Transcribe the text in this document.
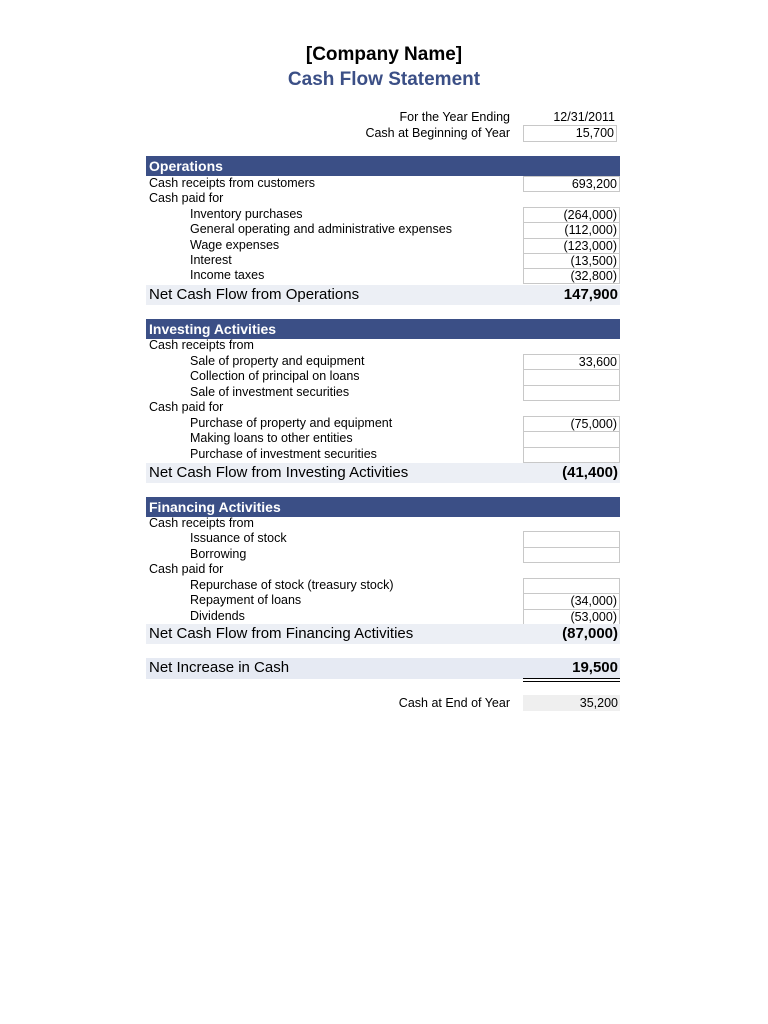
[Company Name]
Cash Flow Statement
For the Year Ending	12/31/2011
Cash at Beginning of Year	15,700
Operations
Cash receipts from customers	693,200
Cash paid for
Inventory purchases	(264,000)
General operating and administrative expenses	(112,000)
Wage expenses	(123,000)
Interest	(13,500)
Income taxes	(32,800)
Net Cash Flow from Operations	147,900
Investing Activities
Cash receipts from
Sale of property and equipment	33,600
Collection of principal on loans
Sale of investment securities
Cash paid for
Purchase of property and equipment	(75,000)
Making loans to other entities
Purchase of investment securities
Net Cash Flow from Investing Activities	(41,400)
Financing Activities
Cash receipts from
Issuance of stock
Borrowing
Cash paid for
Repurchase of stock (treasury stock)
Repayment of loans	(34,000)
Dividends	(53,000)
Net Cash Flow from Financing Activities	(87,000)
Net Increase in Cash	19,500
Cash at End of Year	35,200
